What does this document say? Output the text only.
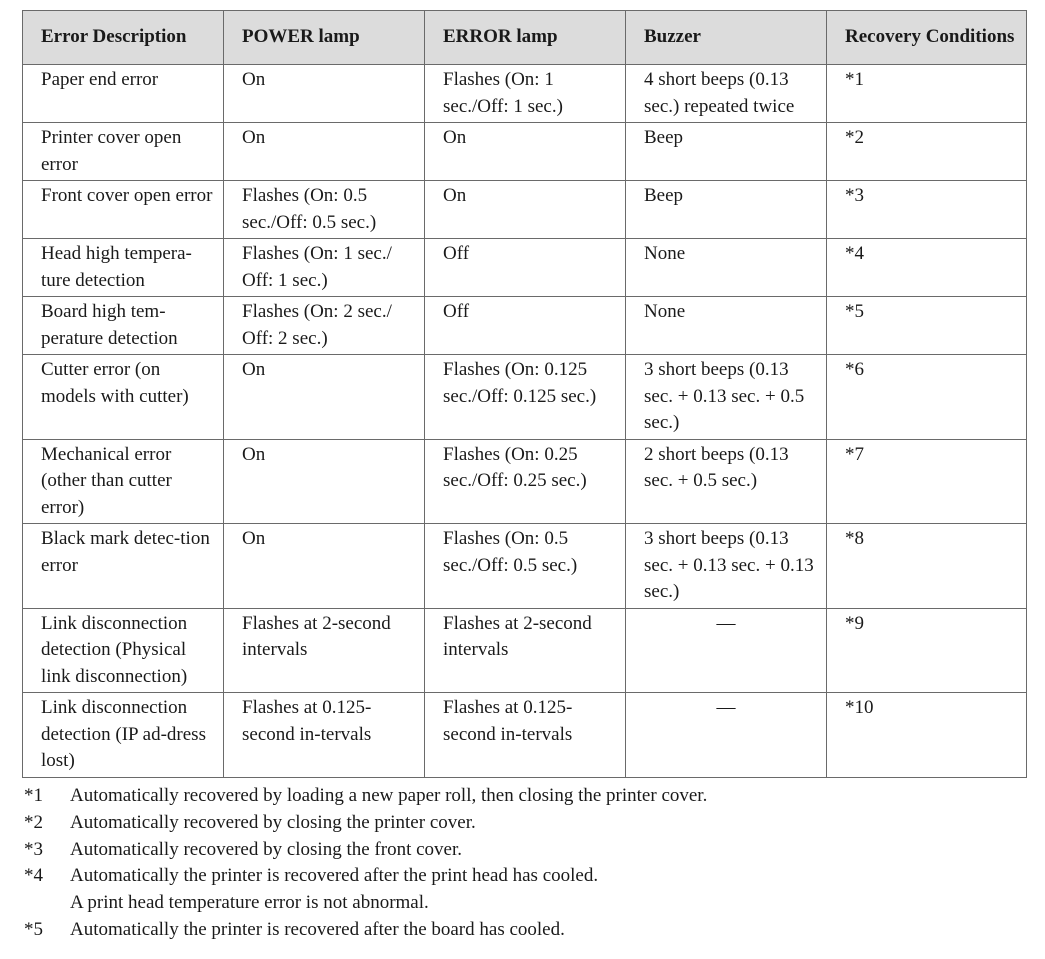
Error Description	POWER lamp	ERROR lamp	Buzzer	Recovery Conditions
Paper end error	On	Flashes (On: 1 sec./Off: 1 sec.)	4 short beeps (0.13 sec.) repeated twice	*1
Printer cover open error	On	On	Beep	*2
Front cover open error	Flashes (On: 0.5 sec./Off: 0.5 sec.)	On	Beep	*3
Head high tempera-ture detection	Flashes (On: 1 sec./ Off: 1 sec.)	Off	None	*4
Board high tem-perature detection	Flashes (On: 2 sec./ Off: 2 sec.)	Off	None	*5
Cutter error (on models with cutter)	On	Flashes (On: 0.125 sec./Off: 0.125 sec.)	3 short beeps (0.13 sec. + 0.13 sec. + 0.5 sec.)	*6
Mechanical error (other than cutter error)	On	Flashes (On: 0.25 sec./Off: 0.25 sec.)	2 short beeps (0.13 sec. + 0.5 sec.)	*7
Black mark detec-tion error	On	Flashes (On: 0.5 sec./Off: 0.5 sec.)	3 short beeps (0.13 sec. + 0.13 sec. + 0.13 sec.)	*8
Link disconnection detection (Physical link disconnection)	Flashes at 2-second intervals	Flashes at 2-second intervals	—	*9
Link disconnection detection (IP ad-dress lost)	Flashes at 0.125-second in-tervals	Flashes at 0.125-second in-tervals	—	*10
*1	Automatically recovered by loading a new paper roll, then closing the printer cover.
*2	Automatically recovered by closing the printer cover.
*3	Automatically recovered by closing the front cover.
*4	Automatically the printer is recovered after the print head has cooled.
A print head temperature error is not abnormal.
*5	Automatically the printer is recovered after the board has cooled.
